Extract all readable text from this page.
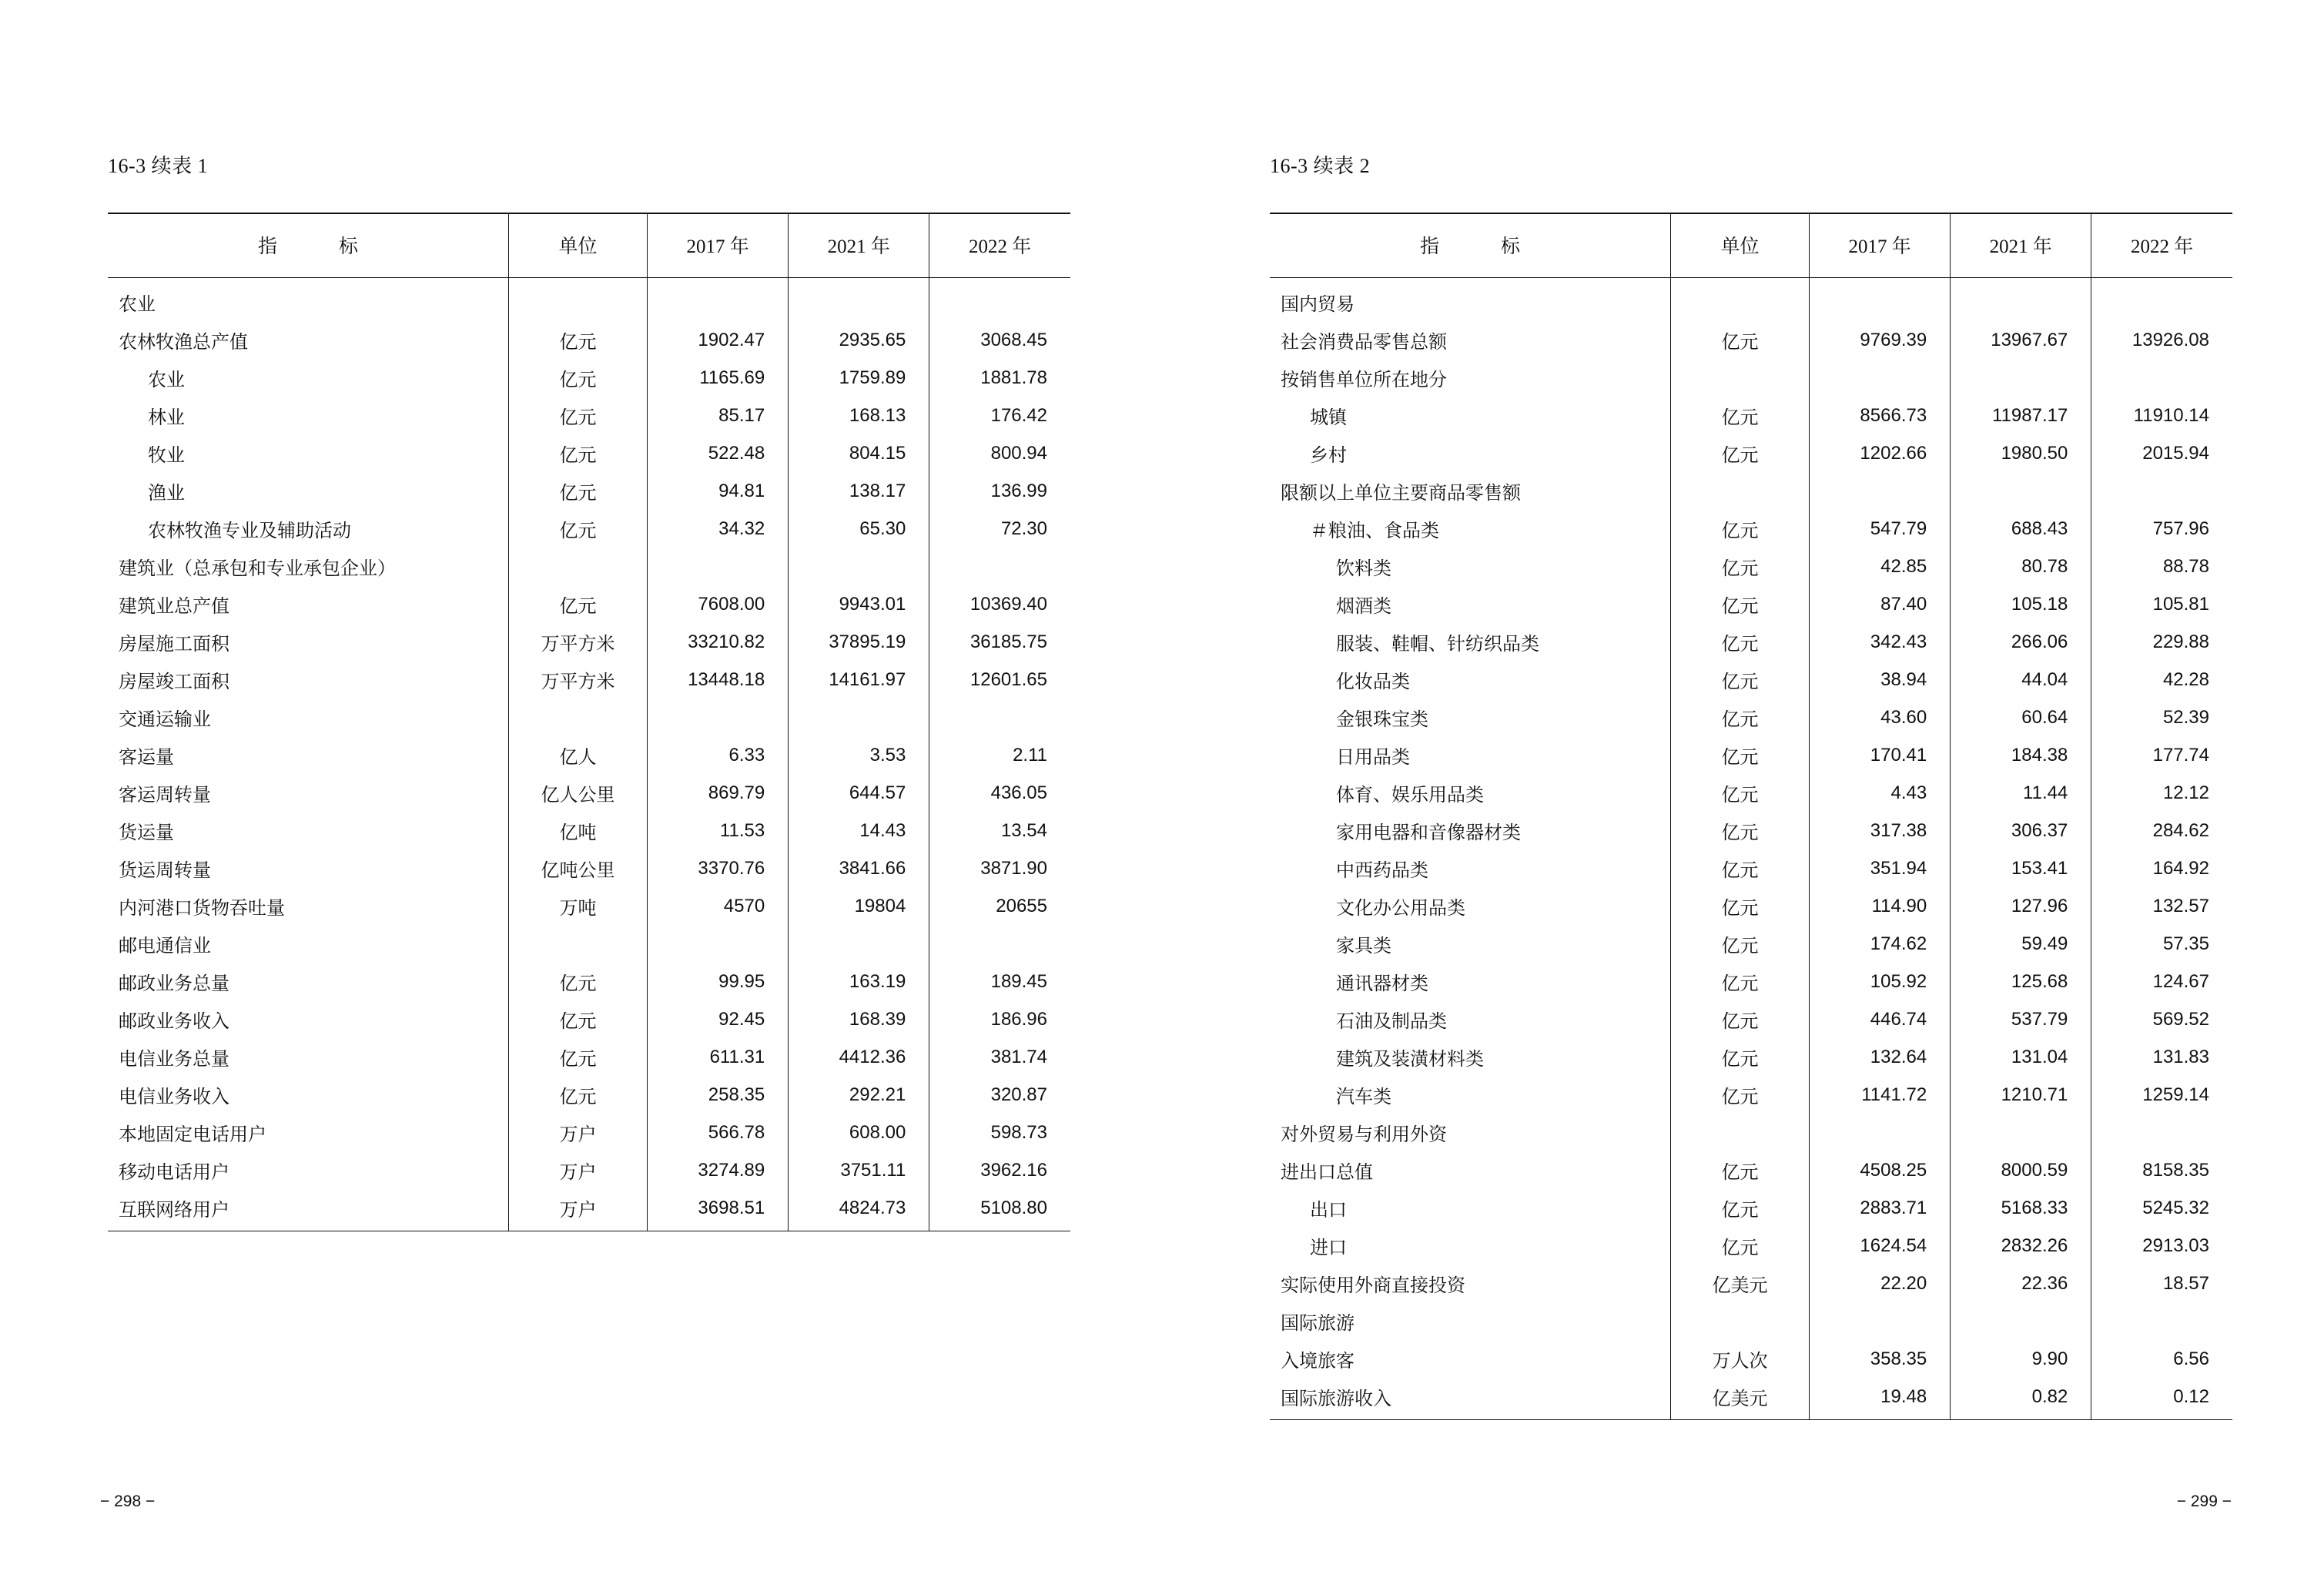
16-3 续表 1
指　　标	单位	2017 年	2021 年	2022 年
农业				
农林牧渔总产值	亿元	1902.47	2935.65	3068.45
农业	亿元	1165.69	1759.89	1881.78
林业	亿元	85.17	168.13	176.42
牧业	亿元	522.48	804.15	800.94
渔业	亿元	94.81	138.17	136.99
农林牧渔专业及辅助活动	亿元	34.32	65.30	72.30
建筑业（总承包和专业承包企业）				
建筑业总产值	亿元	7608.00	9943.01	10369.40
房屋施工面积	万平方米	33210.82	37895.19	36185.75
房屋竣工面积	万平方米	13448.18	14161.97	12601.65
交通运输业				
客运量	亿人	6.33	3.53	2.11
客运周转量	亿人公里	869.79	644.57	436.05
货运量	亿吨	11.53	14.43	13.54
货运周转量	亿吨公里	3370.76	3841.66	3871.90
内河港口货物吞吐量	万吨	4570	19804	20655
邮电通信业				
邮政业务总量	亿元	99.95	163.19	189.45
邮政业务收入	亿元	92.45	168.39	186.96
电信业务总量	亿元	611.31	4412.36	381.74
电信业务收入	亿元	258.35	292.21	320.87
本地固定电话用户	万户	566.78	608.00	598.73
移动电话用户	万户	3274.89	3751.11	3962.16
互联网络用户	万户	3698.51	4824.73	5108.80
− 298 −
16-3 续表 2
指　　标	单位	2017 年	2021 年	2022 年
国内贸易				
社会消费品零售总额	亿元	9769.39	13967.67	13926.08
按销售单位所在地分				
城镇	亿元	8566.73	11987.17	11910.14
乡村	亿元	1202.66	1980.50	2015.94
限额以上单位主要商品零售额				
＃粮油、食品类	亿元	547.79	688.43	757.96
饮料类	亿元	42.85	80.78	88.78
烟酒类	亿元	87.40	105.18	105.81
服装、鞋帽、针纺织品类	亿元	342.43	266.06	229.88
化妆品类	亿元	38.94	44.04	42.28
金银珠宝类	亿元	43.60	60.64	52.39
日用品类	亿元	170.41	184.38	177.74
体育、娱乐用品类	亿元	4.43	11.44	12.12
家用电器和音像器材类	亿元	317.38	306.37	284.62
中西药品类	亿元	351.94	153.41	164.92
文化办公用品类	亿元	114.90	127.96	132.57
家具类	亿元	174.62	59.49	57.35
通讯器材类	亿元	105.92	125.68	124.67
石油及制品类	亿元	446.74	537.79	569.52
建筑及装潢材料类	亿元	132.64	131.04	131.83
汽车类	亿元	1141.72	1210.71	1259.14
对外贸易与利用外资				
进出口总值	亿元	4508.25	8000.59	8158.35
出口	亿元	2883.71	5168.33	5245.32
进口	亿元	1624.54	2832.26	2913.03
实际使用外商直接投资	亿美元	22.20	22.36	18.57
国际旅游				
入境旅客	万人次	358.35	9.90	6.56
国际旅游收入	亿美元	19.48	0.82	0.12
− 299 −
